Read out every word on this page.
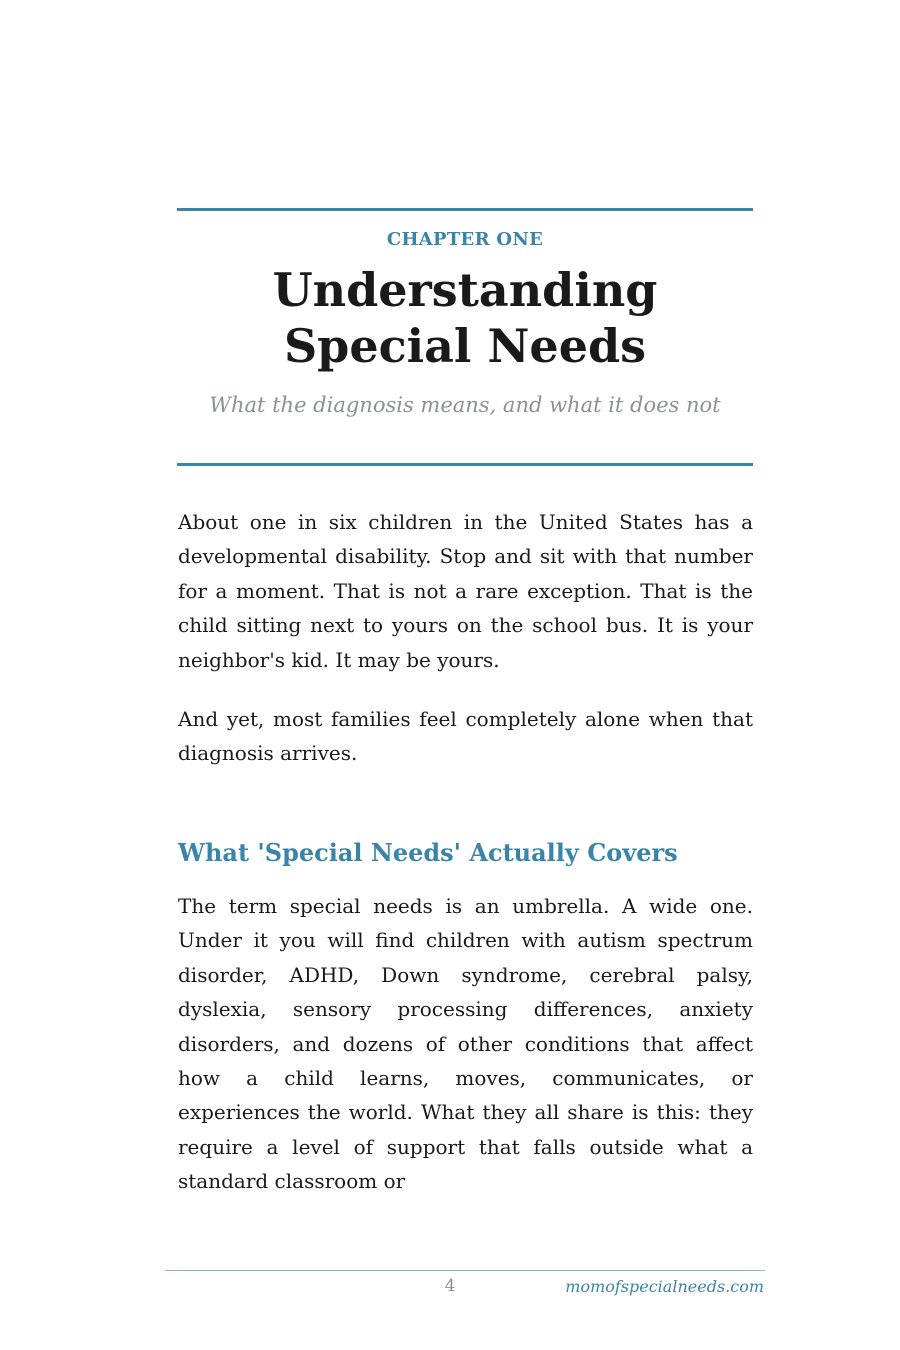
CHAPTER ONE
Understanding
Special Needs
What the diagnosis means, and what it does not

About one in six children in the United States has a developmental disability. Stop and sit with that number for a moment. That is not a rare exception. That is the child sitting next to yours on the school bus. It is your neighbor's kid. It may be yours.

And yet, most families feel completely alone when that diagnosis arrives.

What 'Special Needs' Actually Covers

The term special needs is an umbrella. A wide one. Under it you will find children with autism spectrum disorder, ADHD, Down syndrome, cerebral palsy, dyslexia, sensory processing differences, anxiety disorders, and dozens of other conditions that affect how a child learns, moves, communicates, or experiences the world. What they all share is this: they require a level of support that falls outside what a standard classroom or

4	momofspecialneeds.com
